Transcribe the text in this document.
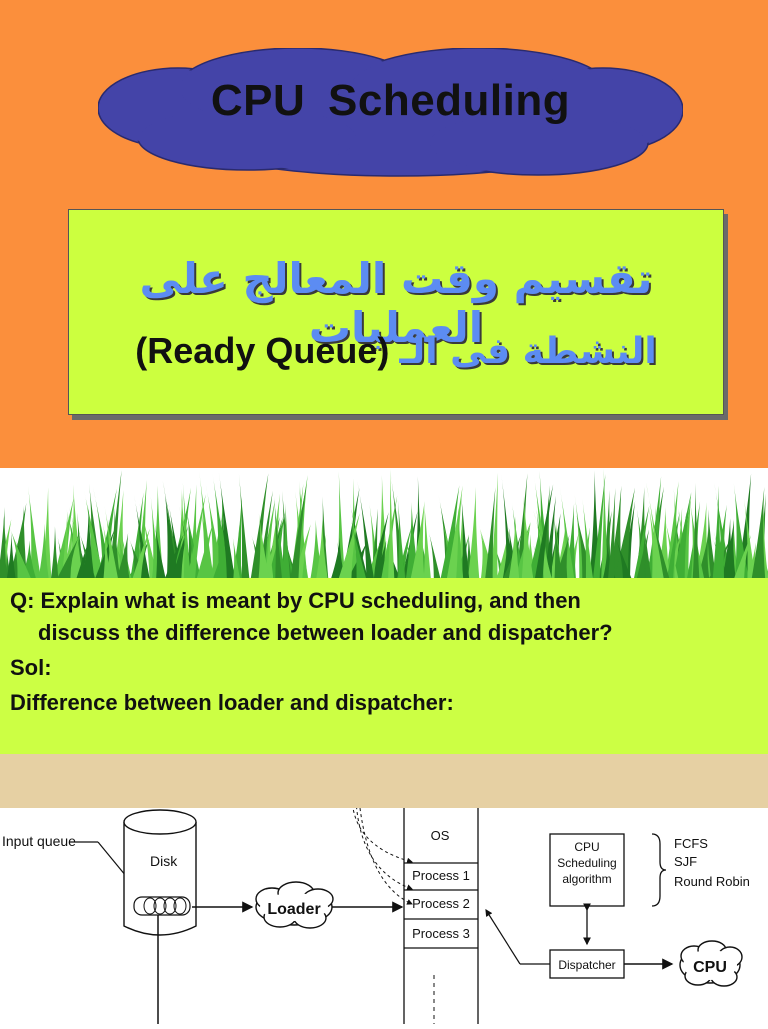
CPU Scheduling
تقسيم وقت المعالج على العمليات
(Ready Queue) النشطة فى الـ
Q: Explain what is meant by CPU scheduling, and then
discuss the difference between loader and dispatcher?
Sol:
Difference between loader and dispatcher:
Input queue
Disk
Loader
OS
Process 1
Process 2
Process 3
CPU
Scheduling
algorithm
FCFS
SJF
Round Robin
Dispatcher	CPU
